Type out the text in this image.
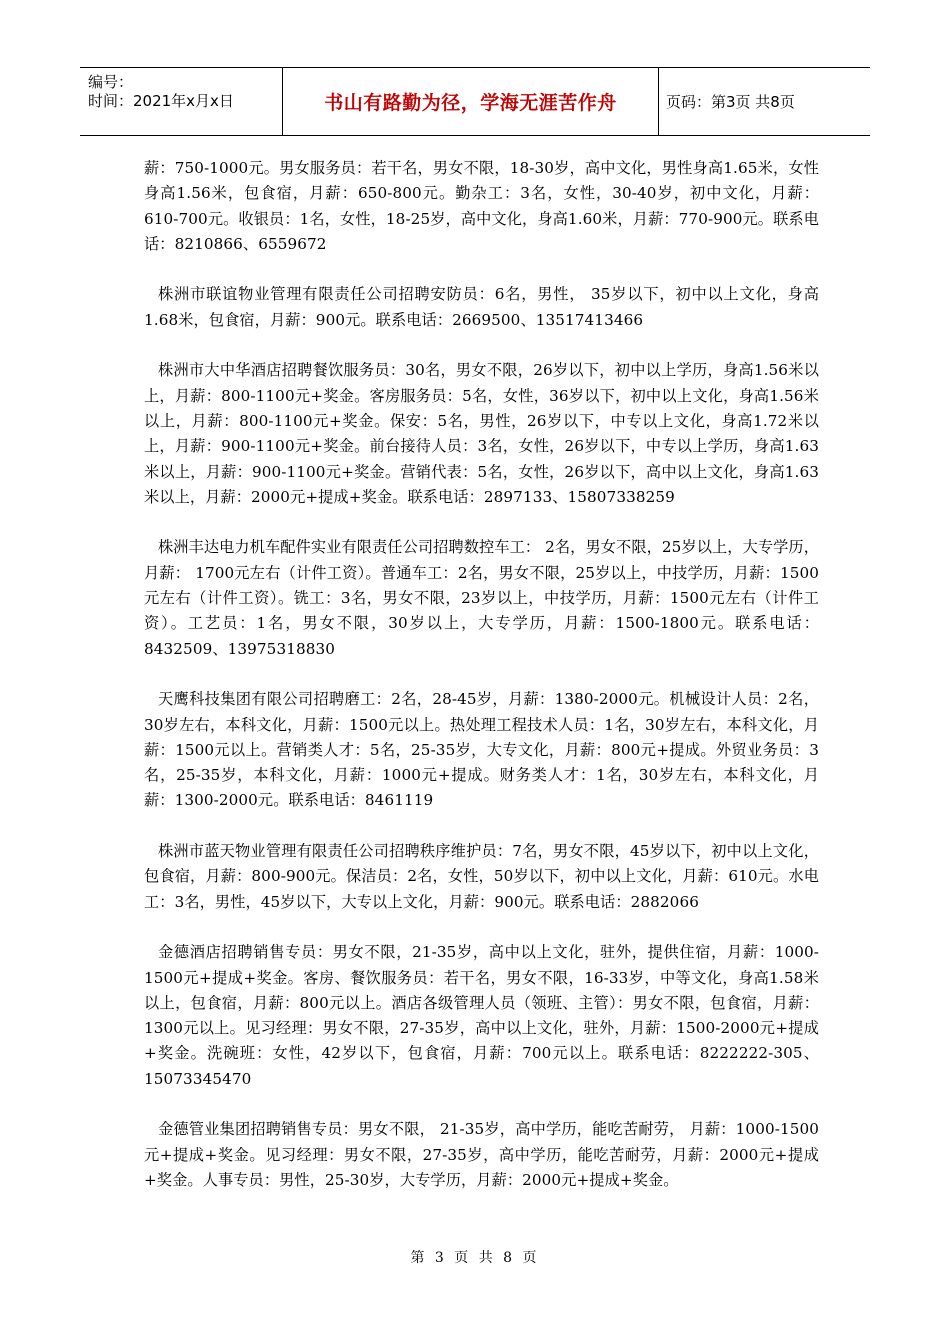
编号：
时间：2021年x月x日	书山有路勤为径，学海无涯苦作舟	页码：第3页 共8页

薪：750-1000元。男女服务员：若干名，男女不限，18-30岁，高中文化，男性身高1.65米，女性身高1.56米，包食宿，月薪：650-800元。勤杂工：3名，女性，30-40岁，初中文化，月薪：610-700元。收银员：1名，女性，18-25岁，高中文化，身高1.60米，月薪：770-900元。联系电话：8210866、6559672

株洲市联谊物业管理有限责任公司招聘安防员：6名，男性， 35岁以下，初中以上文化，身高1.68米，包食宿，月薪：900元。联系电话：2669500、13517413466

株洲市大中华酒店招聘餐饮服务员：30名，男女不限，26岁以下，初中以上学历，身高1.56米以上，月薪：800-1100元+奖金。客房服务员：5名，女性，36岁以下，初中以上文化，身高1.56米以上，月薪：800-1100元+奖金。保安：5名，男性，26岁以下，中专以上文化，身高1.72米以上，月薪：900-1100元+奖金。前台接待人员：3名，女性，26岁以下，中专以上学历，身高1.63米以上，月薪：900-1100元+奖金。营销代表：5名，女性，26岁以下，高中以上文化，身高1.63米以上，月薪：2000元+提成+奖金。联系电话：2897133、15807338259

株洲丰达电力机车配件实业有限责任公司招聘数控车工： 2名，男女不限，25岁以上，大专学历，月薪： 1700元左右（计件工资）。普通车工：2名，男女不限，25岁以上，中技学历，月薪：1500元左右（计件工资）。铣工：3名，男女不限，23岁以上，中技学历，月薪：1500元左右（计件工资）。工艺员：1名，男女不限，30岁以上，大专学历，月薪：1500-1800元。联系电话：8432509、13975318830

天鹰科技集团有限公司招聘磨工：2名，28-45岁，月薪：1380-2000元。机械设计人员：2名，30岁左右，本科文化，月薪：1500元以上。热处理工程技术人员：1名，30岁左右，本科文化，月薪：1500元以上。营销类人才：5名，25-35岁，大专文化，月薪：800元+提成。外贸业务员：3名，25-35岁，本科文化，月薪：1000元+提成。财务类人才：1名，30岁左右，本科文化，月薪：1300-2000元。联系电话：8461119

株洲市蓝天物业管理有限责任公司招聘秩序维护员：7名，男女不限，45岁以下，初中以上文化，包食宿，月薪：800-900元。保洁员：2名，女性，50岁以下，初中以上文化，月薪：610元。水电工：3名，男性，45岁以下，大专以上文化，月薪：900元。联系电话：2882066

金德酒店招聘销售专员：男女不限，21-35岁，高中以上文化，驻外，提供住宿，月薪：1000-1500元+提成+奖金。客房、餐饮服务员：若干名，男女不限，16-33岁，中等文化，身高1.58米以上，包食宿，月薪：800元以上。酒店各级管理人员（领班、主管）：男女不限，包食宿，月薪：1300元以上。见习经理：男女不限，27-35岁，高中以上文化，驻外，月薪：1500-2000元+提成+奖金。洗碗班：女性，42岁以下，包食宿，月薪：700元以上。联系电话：8222222-305、15073345470

金德管业集团招聘销售专员：男女不限， 21-35岁，高中学历，能吃苦耐劳， 月薪：1000-1500元+提成+奖金。见习经理：男女不限，27-35岁，高中学历，能吃苦耐劳，月薪：2000元+提成+奖金。人事专员：男性，25-30岁，大专学历，月薪：2000元+提成+奖金。

第 3 页 共 8 页
